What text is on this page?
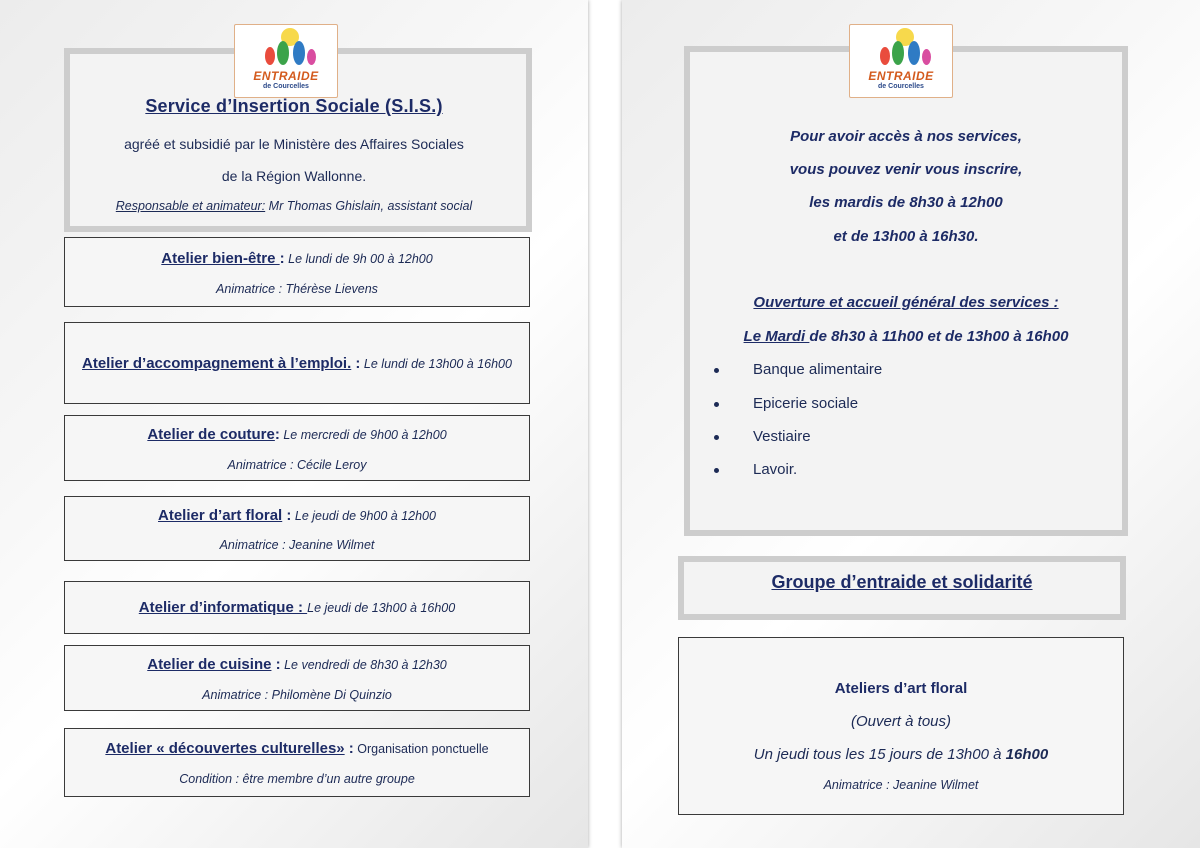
ENTRAIDE
de Courcelles
Service d’Insertion Sociale (S.I.S.)
agréé et subsidié par le Ministère des Affaires Sociales
de la Région Wallonne.
Responsable et animateur: Mr Thomas Ghislain, assistant social
Atelier bien-être : Le lundi de 9h 00 à 12h00
Animatrice : Thérèse Lievens
Atelier d’accompagnement à l’emploi. : Le lundi de 13h00 à 16h00
Atelier de couture: Le mercredi de 9h00 à 12h00
Animatrice : Cécile Leroy
Atelier d’art floral : Le jeudi de 9h00 à 12h00
Animatrice : Jeanine Wilmet
Atelier d’informatique : Le jeudi de 13h00 à 16h00
Atelier de cuisine : Le vendredi de 8h30 à 12h30
Animatrice : Philomène Di Quinzio
Atelier « découvertes culturelles» : Organisation ponctuelle
Condition : être membre d’un autre groupe
ENTRAIDE
de Courcelles
Pour avoir accès à nos services,
vous pouvez venir vous inscrire,
les mardis de 8h30 à 12h00
et de 13h00 à 16h30.
Ouverture et accueil général des services :
Le Mardi de 8h30 à 11h00 et de 13h00 à 16h00
Banque alimentaire
Epicerie sociale
Vestiaire
Lavoir.
Groupe d’entraide et solidarité
Ateliers d’art floral
(Ouvert à tous)
Un jeudi tous les 15 jours de 13h00 à 16h00
Animatrice : Jeanine Wilmet
